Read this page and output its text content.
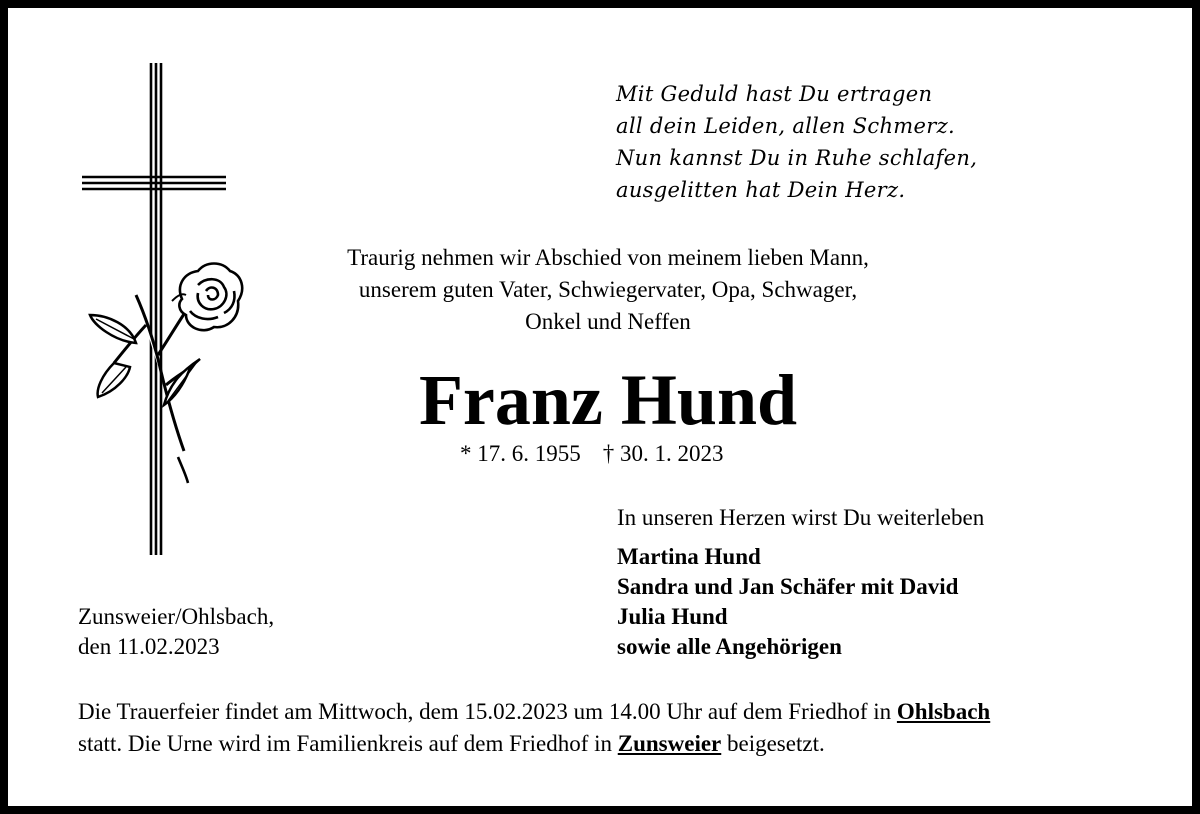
Mit Geduld hast Du ertragen
all dein Leiden, allen Schmerz.
Nun kannst Du in Ruhe schlafen,
ausgelitten hat Dein Herz.
Traurig nehmen wir Abschied von meinem lieben Mann,
unserem guten Vater, Schwiegervater, Opa, Schwager,
Onkel und Neffen
Franz Hund
* 17. 6. 1955 † 30. 1. 2023
In unseren Herzen wirst Du weiterleben
Martina Hund
Sandra und Jan Schäfer mit David
Julia Hund
sowie alle Angehörigen
Zunsweier/Ohlsbach,
den 11.02.2023
Die Trauerfeier findet am Mittwoch, dem 15.02.2023 um 14.00 Uhr auf dem Friedhof in Ohlsbach
statt. Die Urne wird im Familienkreis auf dem Friedhof in Zunsweier beigesetzt.
